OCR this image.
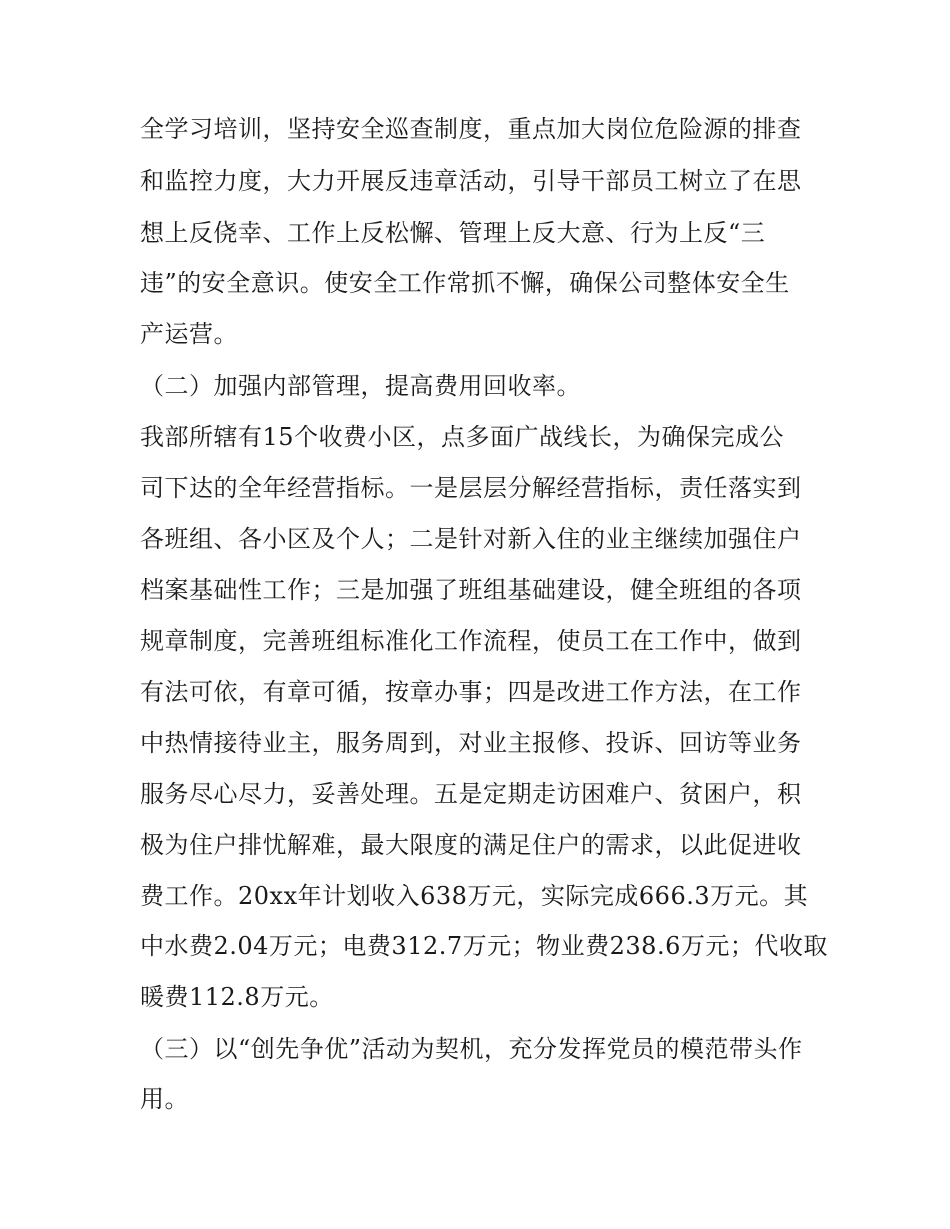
全学习培训，坚持安全巡查制度，重点加大岗位危险源的排查

和监控力度，大力开展反违章活动，引导干部员工树立了在思

想上反侥幸、工作上反松懈、管理上反大意、行为上反“三

违”的安全意识。使安全工作常抓不懈，确保公司整体安全生

产运营。

（二）加强内部管理，提高费用回收率。

我部所辖有15个收费小区，点多面广战线长，为确保完成公

司下达的全年经营指标。一是层层分解经营指标，责任落实到

各班组、各小区及个人；二是针对新入住的业主继续加强住户

档案基础性工作；三是加强了班组基础建设，健全班组的各项

规章制度，完善班组标准化工作流程，使员工在工作中，做到

有法可依，有章可循，按章办事；四是改进工作方法，在工作

中热情接待业主，服务周到，对业主报修、投诉、回访等业务

服务尽心尽力，妥善处理。五是定期走访困难户、贫困户，积

极为住户排忧解难，最大限度的满足住户的需求，以此促进收

费工作。20xx年计划收入638万元，实际完成666.3万元。其

中水费2.04万元；电费312.7万元；物业费238.6万元；代收取

暖费112.8万元。

（三）以“创先争优”活动为契机，充分发挥党员的模范带头作

用。
